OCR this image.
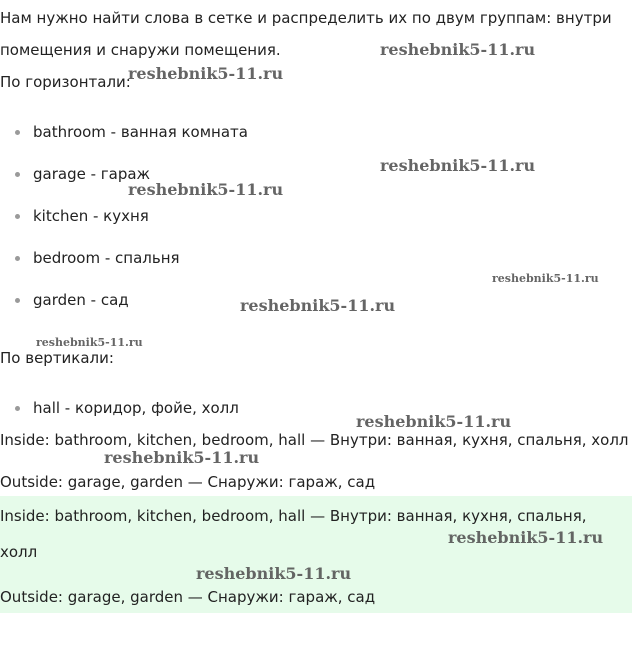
Нам нужно найти слова в сетке и распределить их по двум группам: внутри
помещения и снаружи помещения.
По горизонтали:
bathroom - ванная комната
garage - гараж
kitchen - кухня
bedroom - спальня
garden - сад
По вертикали:
hall - коридор, фойе, холл
Inside: bathroom, kitchen, bedroom, hall — Внутри: ванная, кухня, спальня, холл
Outside: garage, garden — Снаружи: гараж, сад
Inside: bathroom, kitchen, bedroom, hall — Внутри: ванная, кухня, спальня,
холл
Outside: garage, garden — Снаружи: гараж, сад
reshebnik5-11.ru
reshebnik5-11.ru
reshebnik5-11.ru
reshebnik5-11.ru
reshebnik5-11.ru
reshebnik5-11.ru
reshebnik5-11.ru
reshebnik5-11.ru
reshebnik5-11.ru
reshebnik5-11.ru
reshebnik5-11.ru
